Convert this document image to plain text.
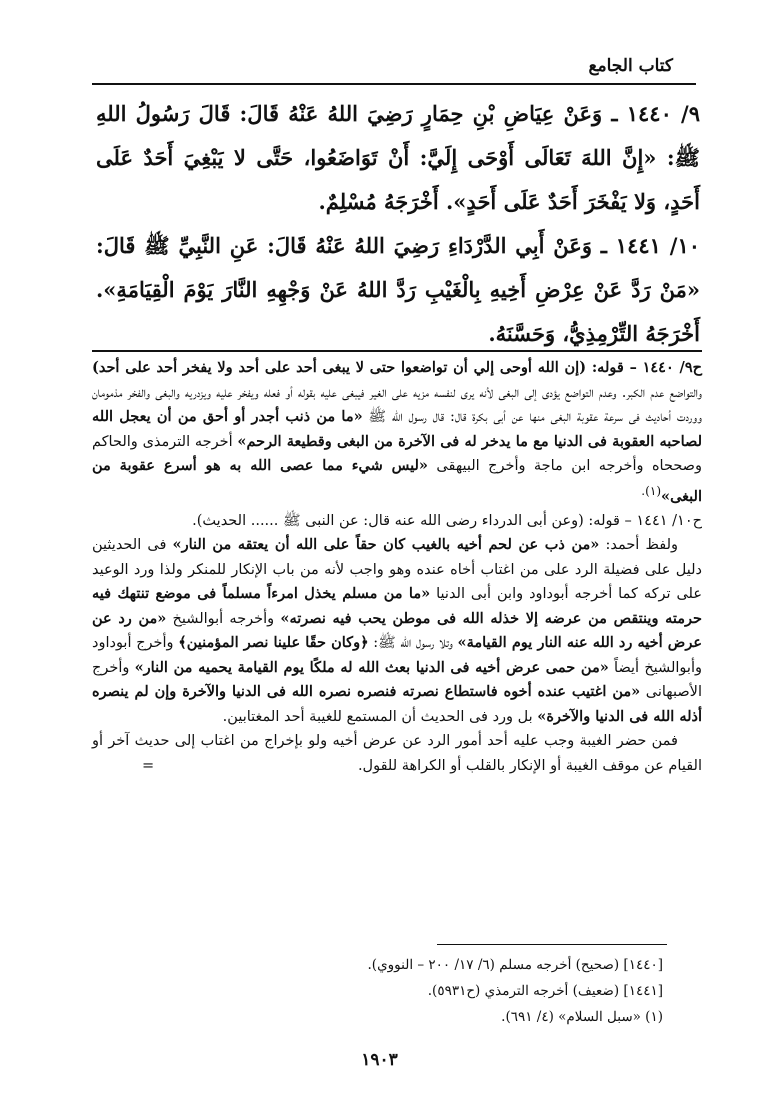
كتاب الجامع
٩/ ١٤٤٠ ـ وَعَنْ عِيَاضِ بْنِ حِمَارٍ رَضِيَ اللهُ عَنْهُ قَالَ: قَالَ رَسُولُ اللهِ ﷺ: «إِنَّ اللهَ تَعَالَى أَوْحَى إِلَيَّ: أَنْ تَوَاضَعُوا، حَتَّى لا يَبْغِيَ أَحَدٌ عَلَى أَحَدٍ، وَلا يَفْخَرَ أَحَدٌ عَلَى أَحَدٍ». أَخْرَجَهُ مُسْلِمٌ.
١٠/ ١٤٤١ ـ وَعَنْ أَبِي الدَّرْدَاءِ رَضِيَ اللهُ عَنْهُ قَالَ: عَنِ النَّبِيِّ ﷺ قَالَ: «مَنْ رَدَّ عَنْ عِرْضِ أَخِيهِ بِالْغَيْبِ رَدَّ اللهُ عَنْ وَجْهِهِ النَّارَ يَوْمَ الْقِيَامَةِ». أَخْرَجَهُ التِّرْمِذِيُّ، وَحَسَّنَهُ.

ح٩/ ١٤٤٠ – قوله: (إن الله أوحى إلي أن تواضعوا حتى لا يبغى أحد على أحد ولا يفخر أحد على أحد) والتواضع عدم الكبر. وعدم التواضع يؤدى إلى البغى لأنه يرى لنفسه مزيه على الغير فيبغى عليه بقوله أو فعله ويفخر عليه ويزدريه والبغى والفخر مذمومان ووردت أحاديث فى سرعة عقوبة البغى منها عن أبى بكرة قال: قال رسول الله ﷺ «ما من ذنب أجدر أو أحق من أن يعجل الله لصاحبه العقوبة فى الدنيا مع ما يدخر له فى الآخرة من البغى وقطيعة الرحم» أخرجه الترمذى والحاكم وصححاه وأخرجه ابن ماجة وأخرج البيهقى «ليس شيء مما عصى الله به هو أسرع عقوبة من البغى»$^{(١).}$

ح١٠/ ١٤٤١ – قوله: (وعن أبى الدرداء رضى الله عنه قال: عن النبى ﷺ ...... الحديث).

ولفظ أحمد: «من ذب عن لحم أخيه بالغيب كان حقاً على الله أن يعتقه من النار» فى الحديثين دليل على فضيلة الرد على من اغتاب أخاه عنده وهو واجب لأنه من باب الإنكار للمنكر ولذا ورد الوعيد على تركه كما أخرجه أبوداود وابن أبى الدنيا «ما من مسلم يخذل امرءاً مسلماً فى موضع تنتهك فيه حرمته وينتقص من عرضه إلا خذله الله فى موطن يحب فيه نصرته» وأخرجه أبوالشيخ «من رد عن عرض أخيه رد الله عنه النار يوم القيامة» وتلا رسول الله ﷺ: ﴿وكان حقًا علينا نصر المؤمنين﴾ وأخرج أبوداود وأبوالشيخ أيضاً «من حمى عرض أخيه فى الدنيا بعث الله له ملكًا يوم القيامة يحميه من النار» وأخرج الأصبهانى «من اغتيب عنده أخوه فاستطاع نصرته فنصره نصره الله فى الدنيا والآخرة وإن لم ينصره أذله الله فى الدنيا والآخرة» بل ورد فى الحديث أن المستمع للغيبة أحد المغتابين.

فمن حضر الغيبة وجب عليه أحد أمور الرد عن عرض أخيه ولو بإخراج من اغتاب إلى حديث آخر أو القيام عن موقف الغيبة أو الإنكار بالقلب أو الكراهة للقول.
=

[١٤٤٠] (صحيح) أخرجه مسلم (٦/ ١٧/ ٢٠٠ – النووي).
[١٤٤١] (ضعيف) أخرجه الترمذي (ح٥٩٣١).
(١) «سبل السلام» (٤/ ٦٩١).
١٩٠٣
